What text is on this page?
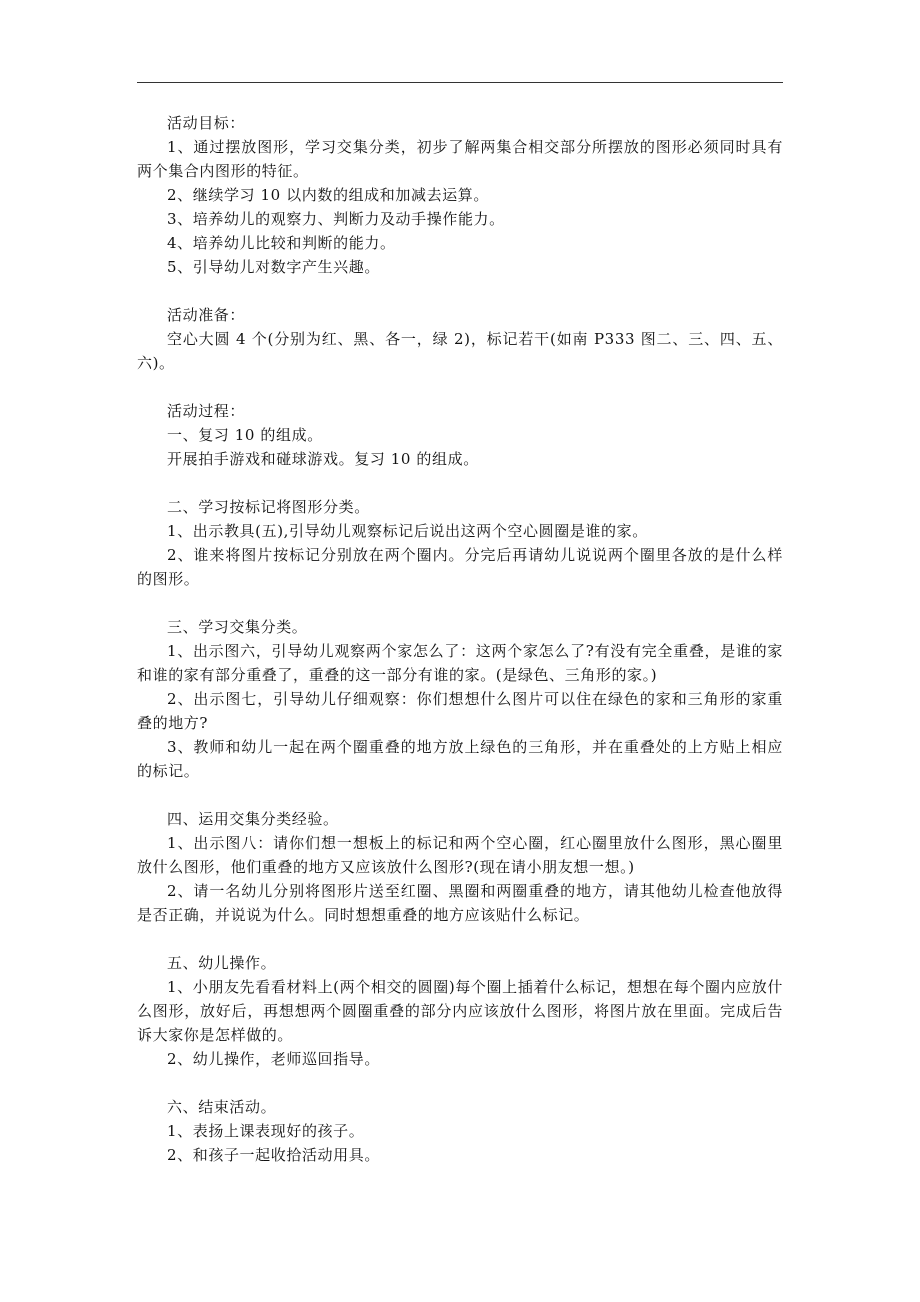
活动目标：

1、通过摆放图形，学习交集分类，初步了解两集合相交部分所摆放的图形必须同时具有两个集合内图形的特征。

2、继续学习 10 以内数的组成和加减去运算。

3、培养幼儿的观察力、判断力及动手操作能力。

4、培养幼儿比较和判断的能力。

5、引导幼儿对数字产生兴趣。

活动准备：

空心大圆 4 个(分别为红、黑、各一，绿 2)，标记若干(如南 P333 图二、三、四、五、六)。

活动过程：

一、复习 10 的组成。

开展拍手游戏和碰球游戏。复习 10 的组成。

二、学习按标记将图形分类。

1、出示教具(五),引导幼儿观察标记后说出这两个空心圆圈是谁的家。

2、谁来将图片按标记分别放在两个圈内。分完后再请幼儿说说两个圈里各放的是什么样的图形。

三、学习交集分类。

1、出示图六，引导幼儿观察两个家怎么了：这两个家怎么了?有没有完全重叠，是谁的家和谁的家有部分重叠了，重叠的这一部分有谁的家。(是绿色、三角形的家。)

2、出示图七，引导幼儿仔细观察：你们想想什么图片可以住在绿色的家和三角形的家重叠的地方?

3、教师和幼儿一起在两个圈重叠的地方放上绿色的三角形，并在重叠处的上方贴上相应的标记。

四、运用交集分类经验。

1、出示图八：请你们想一想板上的标记和两个空心圈，红心圈里放什么图形，黑心圈里放什么图形，他们重叠的地方又应该放什么图形?(现在请小朋友想一想。)

2、请一名幼儿分别将图形片送至红圈、黑圈和两圈重叠的地方，请其他幼儿检查他放得是否正确，并说说为什么。同时想想重叠的地方应该贴什么标记。

五、幼儿操作。

1、小朋友先看看材料上(两个相交的圆圈)每个圈上插着什么标记，想想在每个圈内应放什么图形，放好后，再想想两个圆圈重叠的部分内应该放什么图形，将图片放在里面。完成后告诉大家你是怎样做的。

2、幼儿操作，老师巡回指导。

六、结束活动。

1、表扬上课表现好的孩子。

2、和孩子一起收拾活动用具。
